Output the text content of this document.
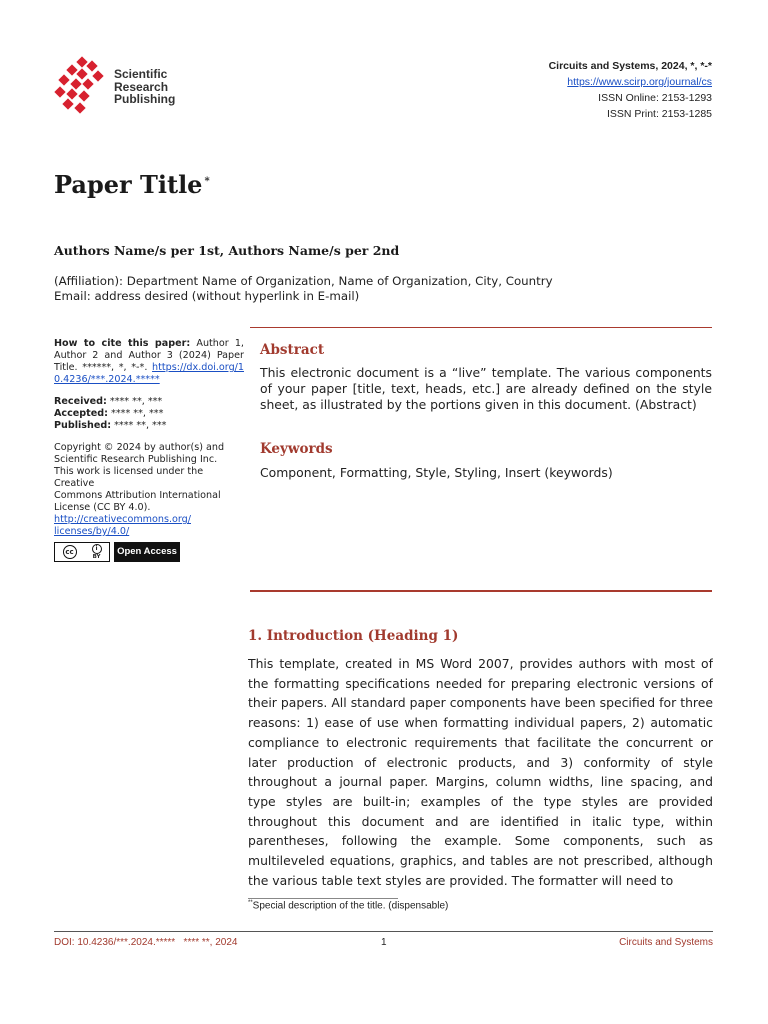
Scientific
Research
Publishing
Circuits and Systems, 2024, *, *-*
https://www.scirp.org/journal/cs
ISSN Online: 2153-1293
ISSN Print: 2153-1285
Paper Title *
Authors Name/s per 1st, Authors Name/s per 2nd
(Affiliation): Department Name of Organization, Name of Organization, City, Country
Email: address desired (without hyperlink in E-mail)
How to cite this paper: Author 1, Author 2 and Author 3 (2024) Paper Title. ******, *, *-*. https://dx.doi.org/10.4236/***.2024.*****
Received: **** **, ***
Accepted: **** **, ***
Published: **** **, ***
Copyright © 2024 by author(s) and
Scientific Research Publishing Inc.
This work is licensed under the
Creative
Commons Attribution International
License (CC BY 4.0).
http://creativecommons.org/
licenses/by/4.0/
cc	i
BY	Open Access
Abstract
This electronic document is a “live” template. The various components of your paper [title, text, heads, etc.] are already defined on the style sheet, as illustrated by the portions given in this document. (Abstract)
Keywords
Component, Formatting, Style, Styling, Insert (keywords)
1. Introduction (Heading 1)
This template, created in MS Word 2007, provides authors with most of the formatting specifications needed for preparing electronic versions of their papers. All standard paper components have been specified for three reasons: 1) ease of use when formatting individual papers, 2) automatic compliance to electronic requirements that facilitate the concurrent or later production of electronic products, and 3) conformity of style throughout a journal paper. Margins, column widths, line spacing, and type styles are built-in; examples of the type styles are provided throughout this document and are identified in italic type, within parentheses, following the example. Some components, such as multileveled equations, graphics, and tables are not prescribed, although the various table text styles are provided. The formatter will need to
**Special description of the title. (dispensable)
DOI: 10.4236/***.2024.***** **** **, 2024	1	Circuits and Systems
